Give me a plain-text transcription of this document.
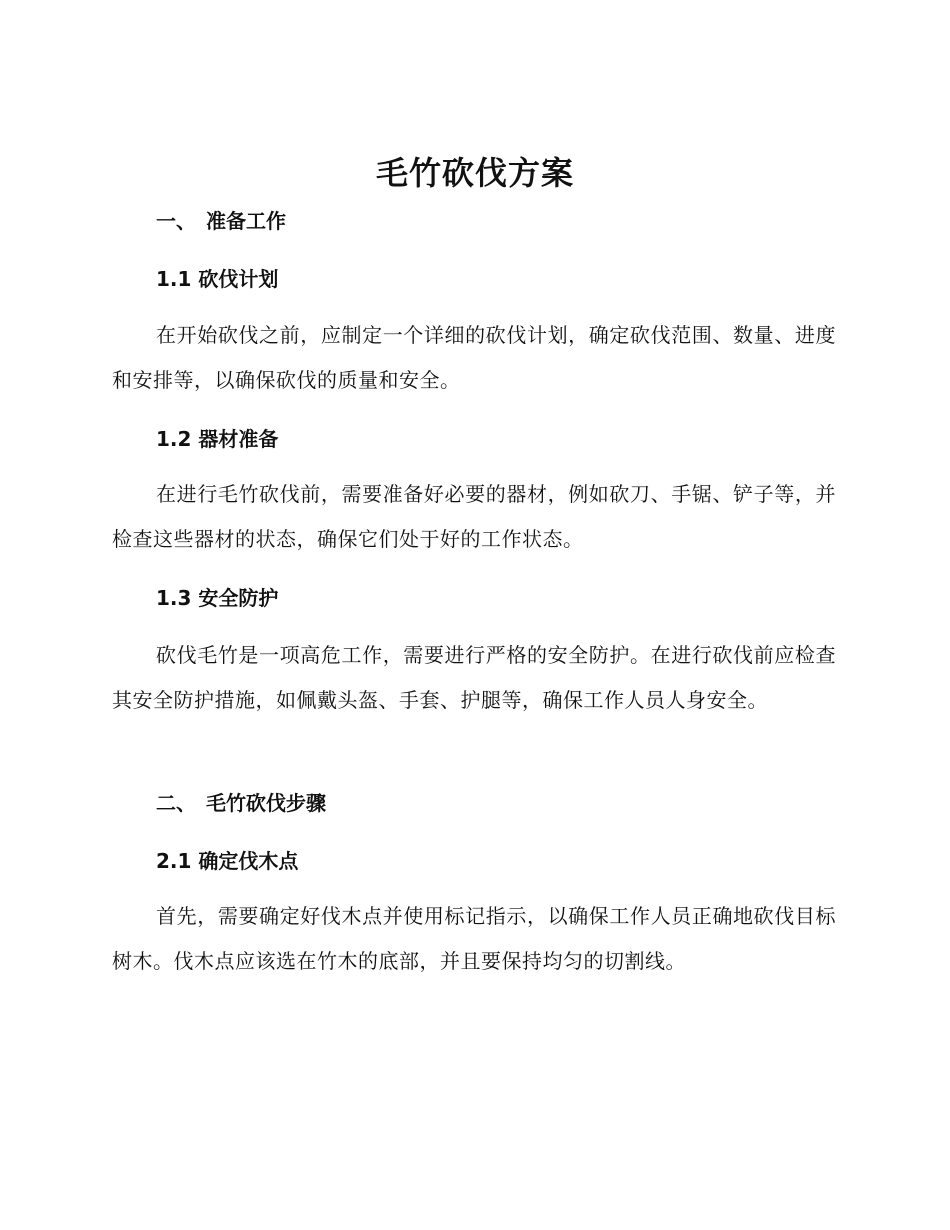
毛竹砍伐方案
一、 准备工作
1.1 砍伐计划

在开始砍伐之前，应制定一个详细的砍伐计划，确定砍伐范围、数量、进度和安排等，以确保砍伐的质量和安全。

1.2 器材准备

在进行毛竹砍伐前，需要准备好必要的器材，例如砍刀、手锯、铲子等，并检查这些器材的状态，确保它们处于好的工作状态。

1.3 安全防护

砍伐毛竹是一项高危工作，需要进行严格的安全防护。在进行砍伐前应检查其安全防护措施，如佩戴头盔、手套、护腿等，确保工作人员人身安全。

二、 毛竹砍伐步骤
2.1 确定伐木点

首先，需要确定好伐木点并使用标记指示，以确保工作人员正确地砍伐目标树木。伐木点应该选在竹木的底部，并且要保持均匀的切割线。
